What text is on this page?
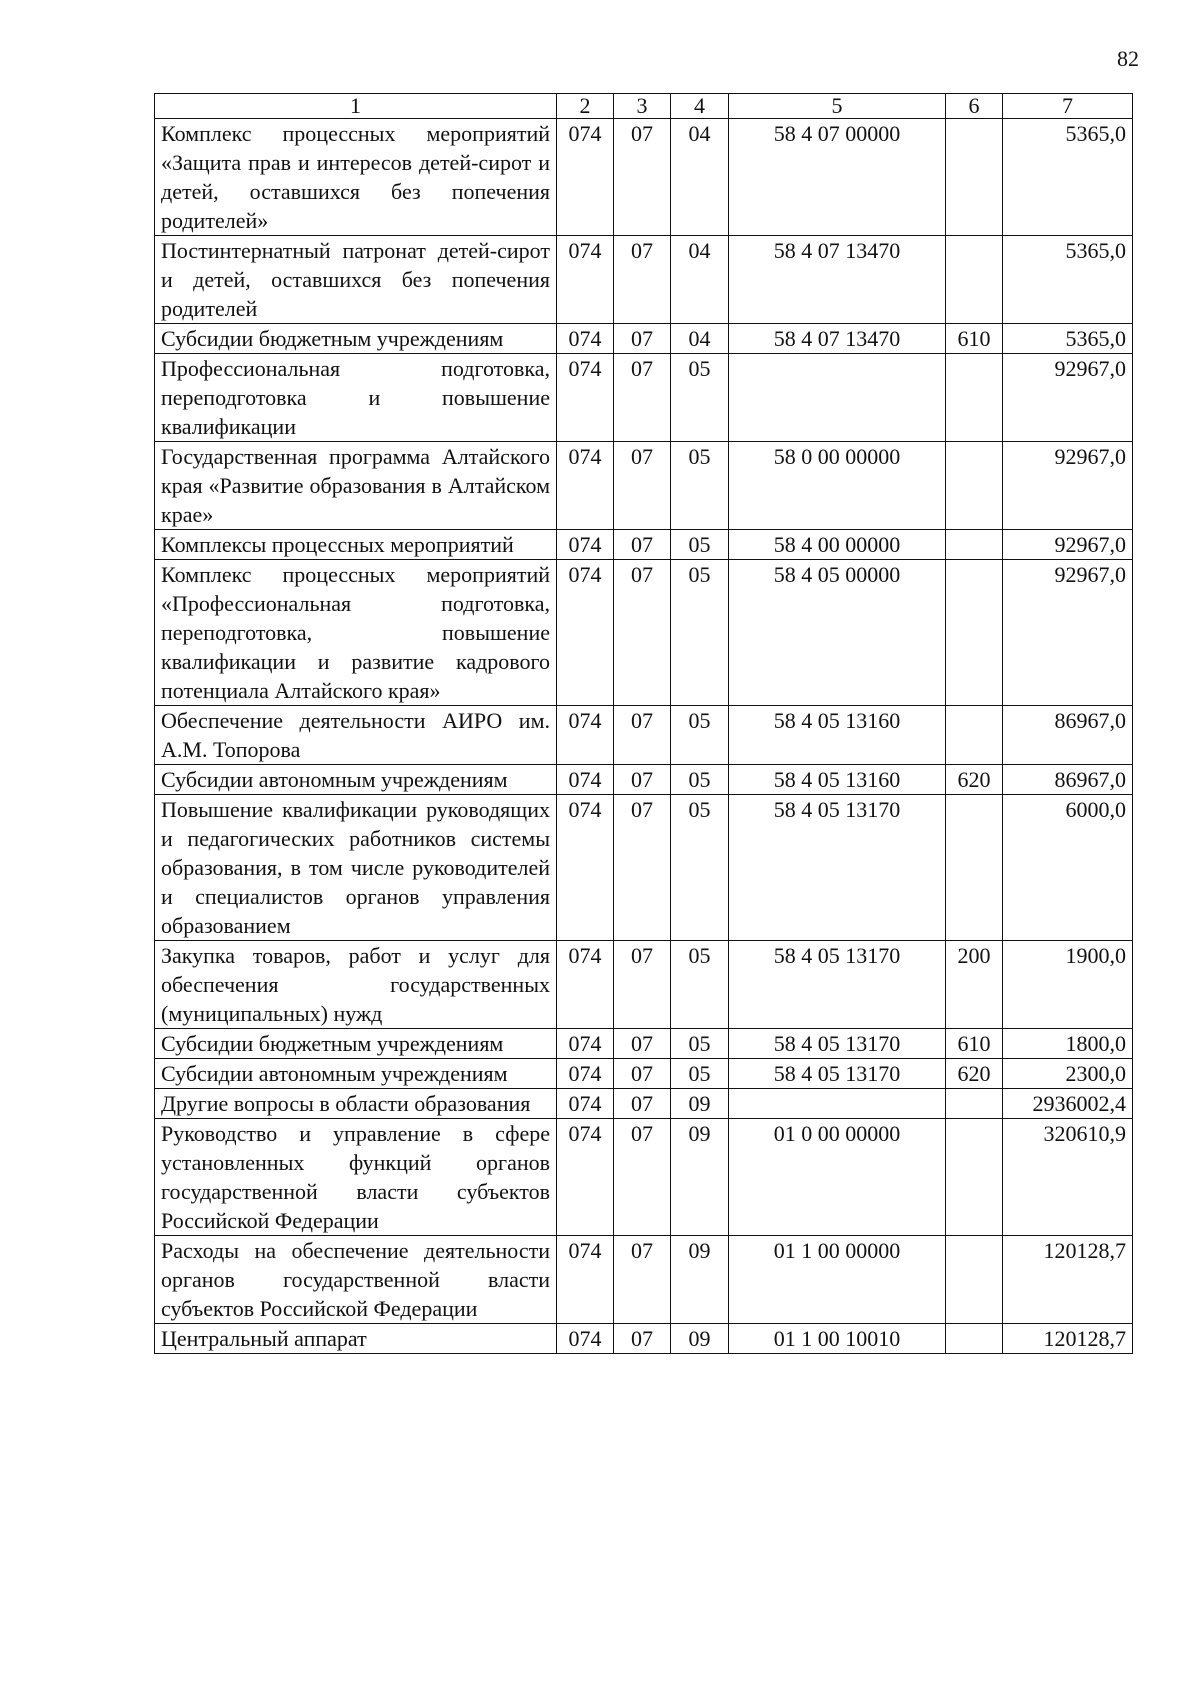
82
1	2	3	4	5	6	7
Комплекс процессных мероприятий «Защита прав и интересов детей-сирот и детей, оставшихся без попечения родителей»	074	07	04	58 4 07 00000		5365,0
Постинтернатный патронат детей-сирот и детей, оставшихся без попечения родителей	074	07	04	58 4 07 13470		5365,0
Субсидии бюджетным учреждениям	074	07	04	58 4 07 13470	610	5365,0
Профессиональная подготовка, переподготовка и повышение квалификации	074	07	05			92967,0
Государственная программа Алтайского края «Развитие образования в Алтайском крае»	074	07	05	58 0 00 00000		92967,0
Комплексы процессных мероприятий	074	07	05	58 4 00 00000		92967,0
Комплекс процессных мероприятий «Профессиональная подготовка, переподготовка, повышение квалификации и развитие кадрового потенциала Алтайского края»	074	07	05	58 4 05 00000		92967,0
Обеспечение деятельности АИРО им. А.М. Топорова	074	07	05	58 4 05 13160		86967,0
Субсидии автономным учреждениям	074	07	05	58 4 05 13160	620	86967,0
Повышение квалификации руководящих и педагогических работников системы образования, в том числе руководителей и специалистов органов управления образованием	074	07	05	58 4 05 13170		6000,0
Закупка товаров, работ и услуг для обеспечения государственных (муниципальных) нужд	074	07	05	58 4 05 13170	200	1900,0
Субсидии бюджетным учреждениям	074	07	05	58 4 05 13170	610	1800,0
Субсидии автономным учреждениям	074	07	05	58 4 05 13170	620	2300,0
Другие вопросы в области образования	074	07	09			2936002,4
Руководство и управление в сфере установленных функций органов государственной власти субъектов Российской Федерации	074	07	09	01 0 00 00000		320610,9
Расходы на обеспечение деятельности органов государственной власти субъектов Российской Федерации	074	07	09	01 1 00 00000		120128,7
Центральный аппарат	074	07	09	01 1 00 10010		120128,7
